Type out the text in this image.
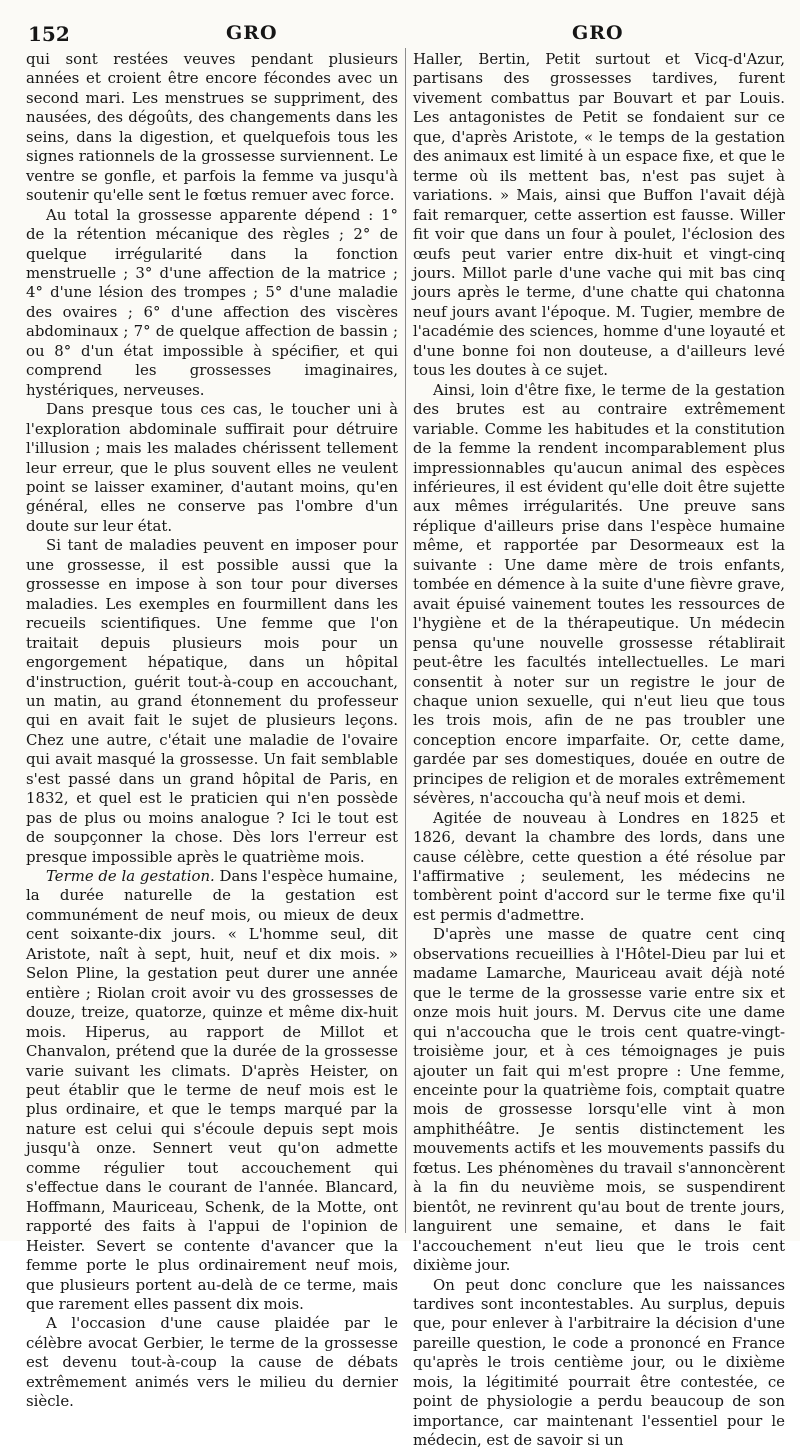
152	GRO	GRO

qui sont restées veuves pendant plusieurs années et croient être encore fécondes avec un second mari. Les menstrues se suppriment, des nausées, des dégoûts, des changements dans les seins, dans la digestion, et quelquefois tous les signes rationnels de la grossesse surviennent. Le ventre se gonfle, et parfois la femme va jusqu'à soutenir qu'elle sent le fœtus remuer avec force.

Au total la grossesse apparente dépend : 1° de la rétention mécanique des règles ; 2° de quelque irrégularité dans la fonction menstruelle ; 3° d'une affection de la matrice ; 4° d'une lésion des trompes ; 5° d'une maladie des ovaires ; 6° d'une affection des viscères abdominaux ; 7° de quelque affection de bassin ; ou 8° d'un état impossible à spécifier, et qui comprend les grossesses imaginaires, hystériques, nerveuses.

Dans presque tous ces cas, le toucher uni à l'exploration abdominale suffirait pour détruire l'illusion ; mais les malades chérissent tellement leur erreur, que le plus souvent elles ne veulent point se laisser examiner, d'autant moins, qu'en général, elles ne conserve pas l'ombre d'un doute sur leur état.

Si tant de maladies peuvent en imposer pour une grossesse, il est possible aussi que la grossesse en impose à son tour pour diverses maladies. Les exemples en fourmillent dans les recueils scientifiques. Une femme que l'on traitait depuis plusieurs mois pour un engorgement hépatique, dans un hôpital d'instruction, guérit tout-à-coup en accouchant, un matin, au grand étonnement du professeur qui en avait fait le sujet de plusieurs leçons. Chez une autre, c'était une maladie de l'ovaire qui avait masqué la grossesse. Un fait semblable s'est passé dans un grand hôpital de Paris, en 1832, et quel est le praticien qui n'en possède pas de plus ou moins analogue ? Ici le tout est de soupçonner la chose. Dès lors l'erreur est presque impossible après le quatrième mois.

Terme de la gestation. Dans l'espèce humaine, la durée naturelle de la gestation est communément de neuf mois, ou mieux de deux cent soixante-dix jours. « L'homme seul, dit Aristote, naît à sept, huit, neuf et dix mois. » Selon Pline, la gestation peut durer une année entière ; Riolan croit avoir vu des grossesses de douze, treize, quatorze, quinze et même dix-huit mois. Hiperus, au rapport de Millot et Chanvalon, prétend que la durée de la grossesse varie suivant les climats. D'après Heister, on peut établir que le terme de neuf mois est le plus ordinaire, et que le temps marqué par la nature est celui qui s'écoule depuis sept mois jusqu'à onze. Sennert veut qu'on admette comme régulier tout accouchement qui s'effectue dans le courant de l'année. Blancard, Hoffmann, Mauriceau, Schenk, de la Motte, ont rapporté des faits à l'appui de l'opinion de Heister. Severt se contente d'avancer que la femme porte le plus ordinairement neuf mois, que plusieurs portent au-delà de ce terme, mais que rarement elles passent dix mois.

A l'occasion d'une cause plaidée par le célèbre avocat Gerbier, le terme de la grossesse est devenu tout-à-coup la cause de débats extrêmement animés vers le milieu du dernier siècle.

Haller, Bertin, Petit surtout et Vicq-d'Azur, partisans des grossesses tardives, furent vivement combattus par Bouvart et par Louis. Les antagonistes de Petit se fondaient sur ce que, d'après Aristote, « le temps de la gestation des animaux est limité à un espace fixe, et que le terme où ils mettent bas, n'est pas sujet à variations. » Mais, ainsi que Buffon l'avait déjà fait remarquer, cette assertion est fausse. Willer fit voir que dans un four à poulet, l'éclosion des œufs peut varier entre dix-huit et vingt-cinq jours. Millot parle d'une vache qui mit bas cinq jours après le terme, d'une chatte qui chatonna neuf jours avant l'époque. M. Tugier, membre de l'académie des sciences, homme d'une loyauté et d'une bonne foi non douteuse, a d'ailleurs levé tous les doutes à ce sujet.

Ainsi, loin d'être fixe, le terme de la gestation des brutes est au contraire extrêmement variable. Comme les habitudes et la constitution de la femme la rendent incomparablement plus impressionnables qu'aucun animal des espèces inférieures, il est évident qu'elle doit être sujette aux mêmes irrégularités. Une preuve sans réplique d'ailleurs prise dans l'espèce humaine même, et rapportée par Desormeaux est la suivante : Une dame mère de trois enfants, tombée en démence à la suite d'une fièvre grave, avait épuisé vainement toutes les ressources de l'hygiène et de la thérapeutique. Un médecin pensa qu'une nouvelle grossesse rétablirait peut-être les facultés intellectuelles. Le mari consentit à noter sur un registre le jour de chaque union sexuelle, qui n'eut lieu que tous les trois mois, afin de ne pas troubler une conception encore imparfaite. Or, cette dame, gardée par ses domestiques, douée en outre de principes de religion et de morales extrêmement sévères, n'accoucha qu'à neuf mois et demi.

Agitée de nouveau à Londres en 1825 et 1826, devant la chambre des lords, dans une cause célèbre, cette question a été résolue par l'affirmative ; seulement, les médecins ne tombèrent point d'accord sur le terme fixe qu'il est permis d'admettre.

D'après une masse de quatre cent cinq observations recueillies à l'Hôtel-Dieu par lui et madame Lamarche, Mauriceau avait déjà noté que le terme de la grossesse varie entre six et onze mois huit jours. M. Dervus cite une dame qui n'accoucha que le trois cent quatre-vingt-troisième jour, et à ces témoignages je puis ajouter un fait qui m'est propre : Une femme, enceinte pour la quatrième fois, comptait quatre mois de grossesse lorsqu'elle vint à mon amphithéâtre. Je sentis distinctement les mouvements actifs et les mouvements passifs du fœtus. Les phénomènes du travail s'annoncèrent à la fin du neuvième mois, se suspendirent bientôt, ne revinrent qu'au bout de trente jours, languirent une semaine, et dans le fait l'accouchement n'eut lieu que le trois cent dixième jour.

On peut donc conclure que les naissances tardives sont incontestables. Au surplus, depuis que, pour enlever à l'arbitraire la décision d'une pareille question, le code a prononcé en France qu'après le trois centième jour, ou le dixième mois, la légitimité pourrait être contestée, ce point de physiologie a perdu beaucoup de son importance, car maintenant l'essentiel pour le médecin, est de savoir si un
